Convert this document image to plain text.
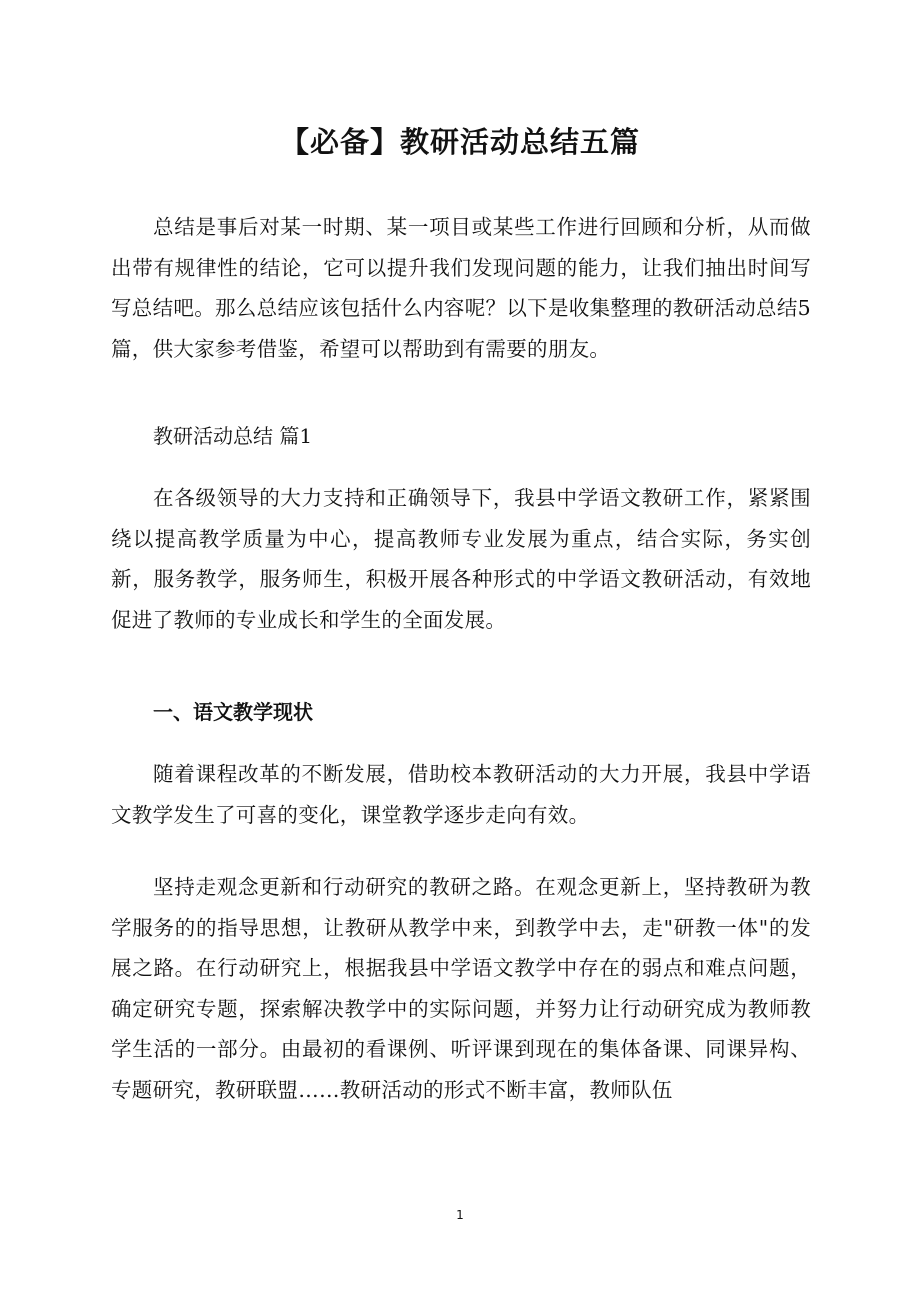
【必备】教研活动总结五篇

总结是事后对某一时期、某一项目或某些工作进行回顾和分析，从而做出带有规律性的结论，它可以提升我们发现问题的能力，让我们抽出时间写写总结吧。那么总结应该包括什么内容呢？以下是收集整理的教研活动总结5篇，供大家参考借鉴，希望可以帮助到有需要的朋友。

教研活动总结 篇1

在各级领导的大力支持和正确领导下，我县中学语文教研工作，紧紧围绕以提高教学质量为中心，提高教师专业发展为重点，结合实际，务实创新，服务教学，服务师生，积极开展各种形式的中学语文教研活动，有效地促进了教师的专业成长和学生的全面发展。

一、语文教学现状

随着课程改革的不断发展，借助校本教研活动的大力开展，我县中学语文教学发生了可喜的变化，课堂教学逐步走向有效。

坚持走观念更新和行动研究的教研之路。在观念更新上，坚持教研为教学服务的的指导思想，让教研从教学中来，到教学中去，走"研教一体"的发展之路。在行动研究上，根据我县中学语文教学中存在的弱点和难点问题，确定研究专题，探索解决教学中的实际问题，并努力让行动研究成为教师教学生活的一部分。由最初的看课例、听评课到现在的集体备课、同课异构、专题研究，教研联盟……教研活动的形式不断丰富，教师队伍

1
